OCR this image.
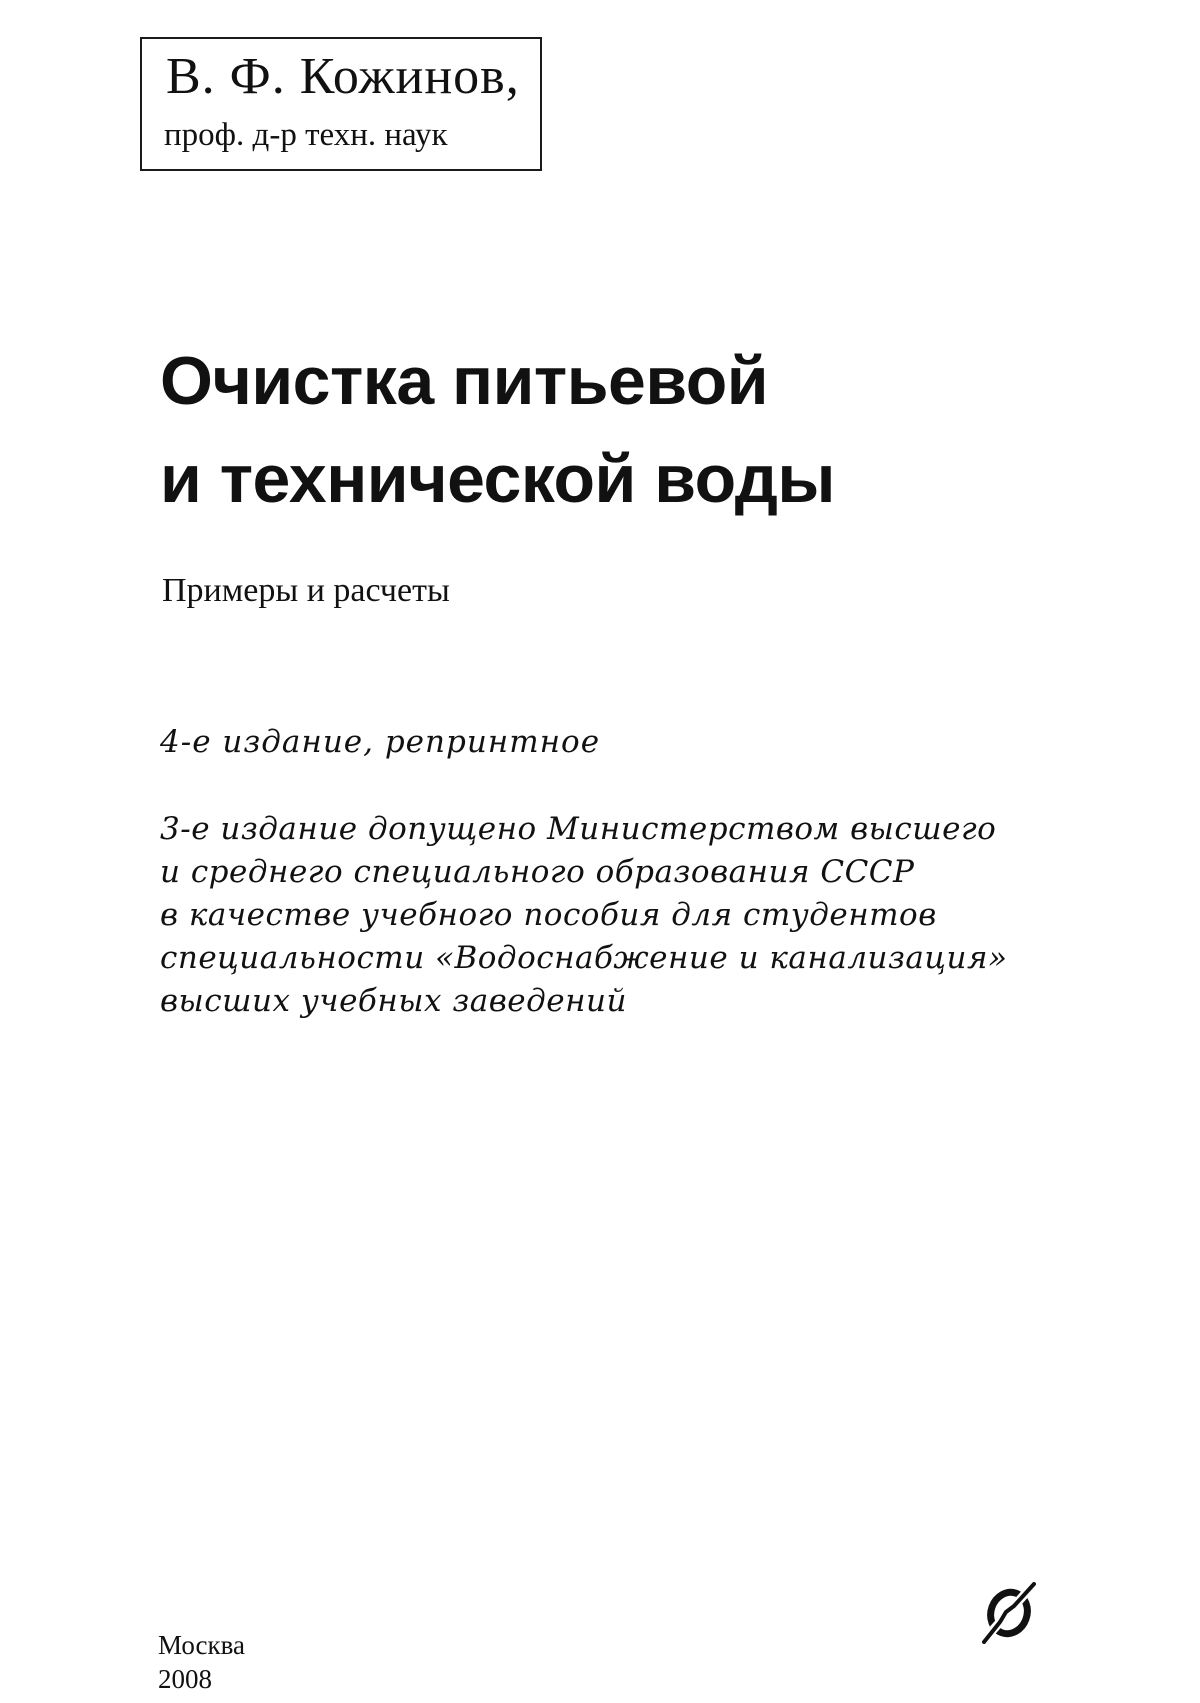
В. Ф. Кожинов,
проф. д-р техн. наук
Очистка питьевой
и технической воды
Примеры и расчеты
4-е издание, репринтное
3-е издание допущено Министерством высшего
и среднего специального образования СССР
в качестве учебного пособия для студентов
специальности «Водоснабжение и канализация»
высших учебных заведений
Москва
2008
